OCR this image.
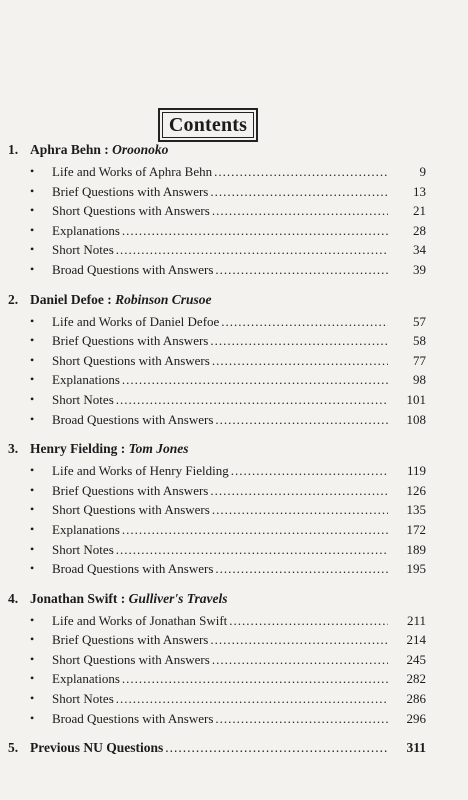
Contents
1. Aphra Behn : Oroonoko
• Life and Works of Aphra Behn .....	9
• Brief Questions with Answers .....	13
• Short Questions with Answers .....	21
• Explanations .....	28
• Short Notes .....	34
• Broad Questions with Answers .....	39
2. Daniel Defoe : Robinson Crusoe
• Life and Works of Daniel Defoe .....	57
• Brief Questions with Answers .....	58
• Short Questions with Answers .....	77
• Explanations .....	98
• Short Notes .....	101
• Broad Questions with Answers .....	108
3. Henry Fielding : Tom Jones
• Life and Works of Henry Fielding .....	119
• Brief Questions with Answers .....	126
• Short Questions with Answers .....	135
• Explanations .....	172
• Short Notes .....	189
• Broad Questions with Answers .....	195
4. Jonathan Swift : Gulliver's Travels
• Life and Works of Jonathan Swift .....	211
• Brief Questions with Answers .....	214
• Short Questions with Answers .....	245
• Explanations .....	282
• Short Notes .....	286
• Broad Questions with Answers .....	296
5. Previous NU Questions .....	311
